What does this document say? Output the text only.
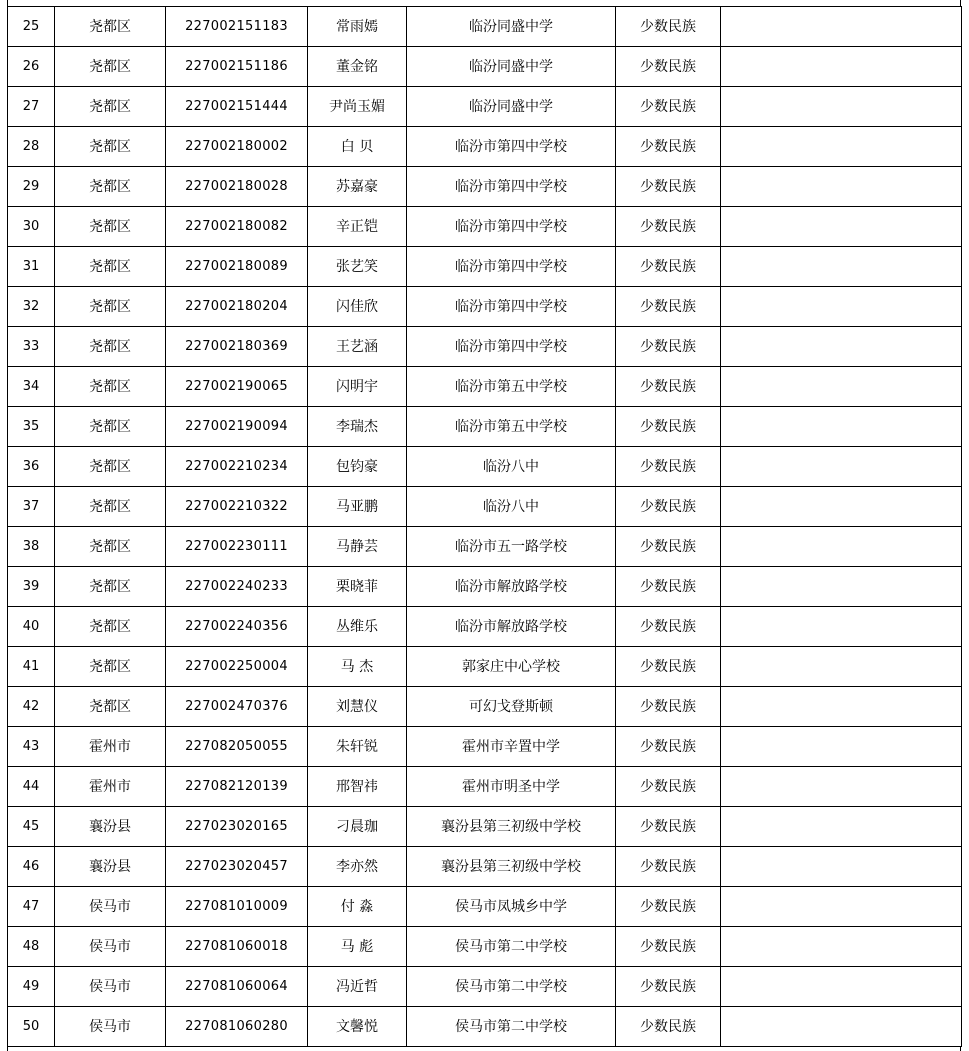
25	尧都区	227002151183	常雨嫣	临汾同盛中学	少数民族	
26	尧都区	227002151186	董金铭	临汾同盛中学	少数民族	
27	尧都区	227002151444	尹尚玉媚	临汾同盛中学	少数民族	
28	尧都区	227002180002	白 贝	临汾市第四中学校	少数民族	
29	尧都区	227002180028	苏嘉豪	临汾市第四中学校	少数民族	
30	尧都区	227002180082	辛正铠	临汾市第四中学校	少数民族	
31	尧都区	227002180089	张艺笑	临汾市第四中学校	少数民族	
32	尧都区	227002180204	闪佳欣	临汾市第四中学校	少数民族	
33	尧都区	227002180369	王艺涵	临汾市第四中学校	少数民族	
34	尧都区	227002190065	闪明宇	临汾市第五中学校	少数民族	
35	尧都区	227002190094	李瑞杰	临汾市第五中学校	少数民族	
36	尧都区	227002210234	包钧豪	临汾八中	少数民族	
37	尧都区	227002210322	马亚鹏	临汾八中	少数民族	
38	尧都区	227002230111	马静芸	临汾市五一路学校	少数民族	
39	尧都区	227002240233	栗晓菲	临汾市解放路学校	少数民族	
40	尧都区	227002240356	丛维乐	临汾市解放路学校	少数民族	
41	尧都区	227002250004	马 杰	郭家庄中心学校	少数民族	
42	尧都区	227002470376	刘慧仪	可幻戈登斯顿	少数民族	
43	霍州市	227082050055	朱轩锐	霍州市辛置中学	少数民族	
44	霍州市	227082120139	邢智祎	霍州市明圣中学	少数民族	
45	襄汾县	227023020165	刁晨珈	襄汾县第三初级中学校	少数民族	
46	襄汾县	227023020457	李亦然	襄汾县第三初级中学校	少数民族	
47	侯马市	227081010009	付 淼	侯马市凤城乡中学	少数民族	
48	侯马市	227081060018	马 彪	侯马市第二中学校	少数民族	
49	侯马市	227081060064	冯近哲	侯马市第二中学校	少数民族	
50	侯马市	227081060280	文馨悦	侯马市第二中学校	少数民族	
